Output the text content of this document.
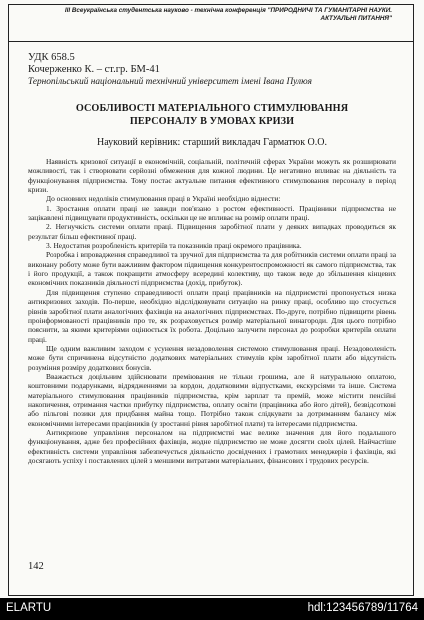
III Всеукраїнська студентська науково - технічна конференція "ПРИРОДНИЧІ ТА ГУМАНІТАРНІ НАУКИ.
АКТУАЛЬНІ ПИТАННЯ"
УДК 658.5
Кочерженко К. – ст.гр. БМ-41
Тернопільський національний технічний університет імені Івана Пулюя
ОСОБЛИВОСТІ МАТЕРІАЛЬНОГО СТИМУЛЮВАННЯ
ПЕРСОНАЛУ В УМОВАХ КРИЗИ
Науковий керівник: старший викладач Гарматюк О.О.

Наявність кризової ситуації в економічній, соціальній, політичній сферах України можуть як розширювати можливості, так і створювати серйозні обмеження для кожної людини. Це негативно впливає на діяльність та функціонування підприємства. Тому постає актуальне питання ефективного стимулювання персоналу в період кризи.

До основних недоліків стимулювання праці в Україні необхідно віднести:

1. Зростання оплати праці не завжди пов'язано з ростом ефективності. Працівники підприємства не зацікавлені підвищувати продуктивність, оскільки це не впливає на розмір оплати праці.

2. Негнучкість системи оплати праці. Підвищення заробітної плати у деяких випадках проводиться як результат більш ефективної праці.

3. Недостатня розробленість критеріїв та показників праці окремого працівника.

Розробка і впровадження справедливої та зручної для підприємства та для робітників системи оплати праці за виконану роботу може бути важливим фактором підвищення конкурентоспроможності як самого підприємства, так і його продукції, а також покращити атмосферу всередині колективу, що також веде до збільшення кінцевих економічних показників діяльності підприємства (дохід, прибуток).

Для підвищення ступеню справедливості оплати праці працівників на підприємстві пропонується низка антикризових заходів. По-перше, необхідно відслідковувати ситуацію на ринку праці, особливо що стосується рівнів заробітної плати аналогічних фахівців на аналогічних підприємствах. По-друге, потрібно підвищити рівень проінформованості працівників про те, як розраховується розмір матеріальної винагороди. Для цього потрібно пояснити, за якими критеріями оцінюється їх робота. Доцільно залучити персонал до розробки критеріїв оплати праці.

Ще одним важливим заходом є усунення незадоволення системою стимулювання праці. Незадоволеність може бути спричинена відсутністю додаткових матеріальних стимулів крім заробітної плати або відсутність розуміння розміру додаткових бонусів.

Вважається доцільним здійснювати преміювання не тільки грошима, але й натуральною оплатою, коштовними подарунками, відрядженнями за кордон, додатковими відпустками, екскурсіями та інше. Система матеріального стимулювання працівників підприємства, крім зарплат та премій, може містити пенсійні накопичення, отримання частки прибутку підприємства, оплату освіти (працівника або його дітей), безвідсоткові або пільгові позики для придбання майна тощо. Потрібно також слідкувати за дотриманням балансу між економічними інтересами працівників (у зростанні рівня заробітної плати) та інтересами підприємства.

Антикризове управління персоналом на підприємстві має велике значення для його подальшого функціонування, адже без професійних фахівців, жодне підприємство не може досягти своїх цілей. Найчастіше ефективність системи управління забезпечується діяльністю досвідчених і грамотних менеджерів і фахівців, які досягають успіху і поставлених цілей з меншими витратами матеріальних, фінансових і трудових ресурсів.

142
ELARTU	hdl:123456789/11764
